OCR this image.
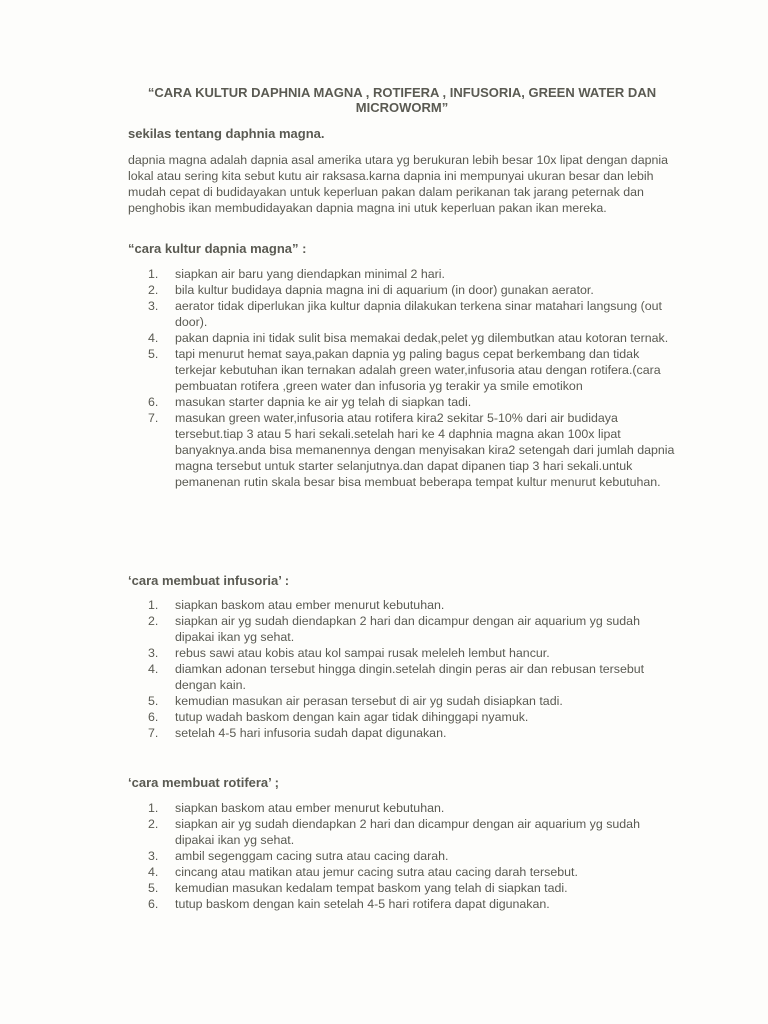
“CARA KULTUR DAPHNIA MAGNA , ROTIFERA , INFUSORIA, GREEN WATER DAN MICROWORM”
sekilas tentang daphnia magna.

dapnia magna adalah dapnia asal amerika utara yg berukuran lebih besar 10x lipat dengan dapnia lokal atau sering kita sebut kutu air raksasa.karna dapnia ini mempunyai ukuran besar dan lebih mudah cepat di budidayakan untuk keperluan pakan dalam perikanan tak jarang peternak dan penghobis ikan membudidayakan dapnia magna ini utuk keperluan pakan ikan mereka.

“cara kultur dapnia magna” :
1. siapkan air baru yang diendapkan minimal 2 hari.
2. bila kultur budidaya dapnia magna ini di aquarium (in door) gunakan aerator.
3. aerator tidak diperlukan jika kultur dapnia dilakukan terkena sinar matahari langsung (out door).
4. pakan dapnia ini tidak sulit bisa memakai dedak,pelet yg dilembutkan atau kotoran ternak.
5. tapi menurut hemat saya,pakan dapnia yg paling bagus cepat berkembang dan tidak terkejar kebutuhan ikan ternakan adalah green water,infusoria atau dengan rotifera.(cara pembuatan rotifera ,green water dan infusoria yg terakir ya smile emotikon
6. masukan starter dapnia ke air yg telah di siapkan tadi.
7. masukan green water,infusoria atau rotifera kira2 sekitar 5-10% dari air budidaya tersebut.tiap 3 atau 5 hari sekali.setelah hari ke 4 daphnia magna akan 100x lipat banyaknya.anda bisa memanennya dengan menyisakan kira2 setengah dari jumlah dapnia magna tersebut untuk starter selanjutnya.dan dapat dipanen tiap 3 hari sekali.untuk pemanenan rutin skala besar bisa membuat beberapa tempat kultur menurut kebutuhan.
‘cara membuat infusoria’ :
1. siapkan baskom atau ember menurut kebutuhan.
2. siapkan air yg sudah diendapkan 2 hari dan dicampur dengan air aquarium yg sudah dipakai ikan yg sehat.
3. rebus sawi atau kobis atau kol sampai rusak meleleh lembut hancur.
4. diamkan adonan tersebut hingga dingin.setelah dingin peras air dan rebusan tersebut dengan kain.
5. kemudian masukan air perasan tersebut di air yg sudah disiapkan tadi.
6. tutup wadah baskom dengan kain agar tidak dihinggapi nyamuk.
7. setelah 4-5 hari infusoria sudah dapat digunakan.
‘cara membuat rotifera’ ;
1. siapkan baskom atau ember menurut kebutuhan.
2. siapkan air yg sudah diendapkan 2 hari dan dicampur dengan air aquarium yg sudah dipakai ikan yg sehat.
3. ambil segenggam cacing sutra atau cacing darah.
4. cincang atau matikan atau jemur cacing sutra atau cacing darah tersebut.
5. kemudian masukan kedalam tempat baskom yang telah di siapkan tadi.
6. tutup baskom dengan kain setelah 4-5 hari rotifera dapat digunakan.
